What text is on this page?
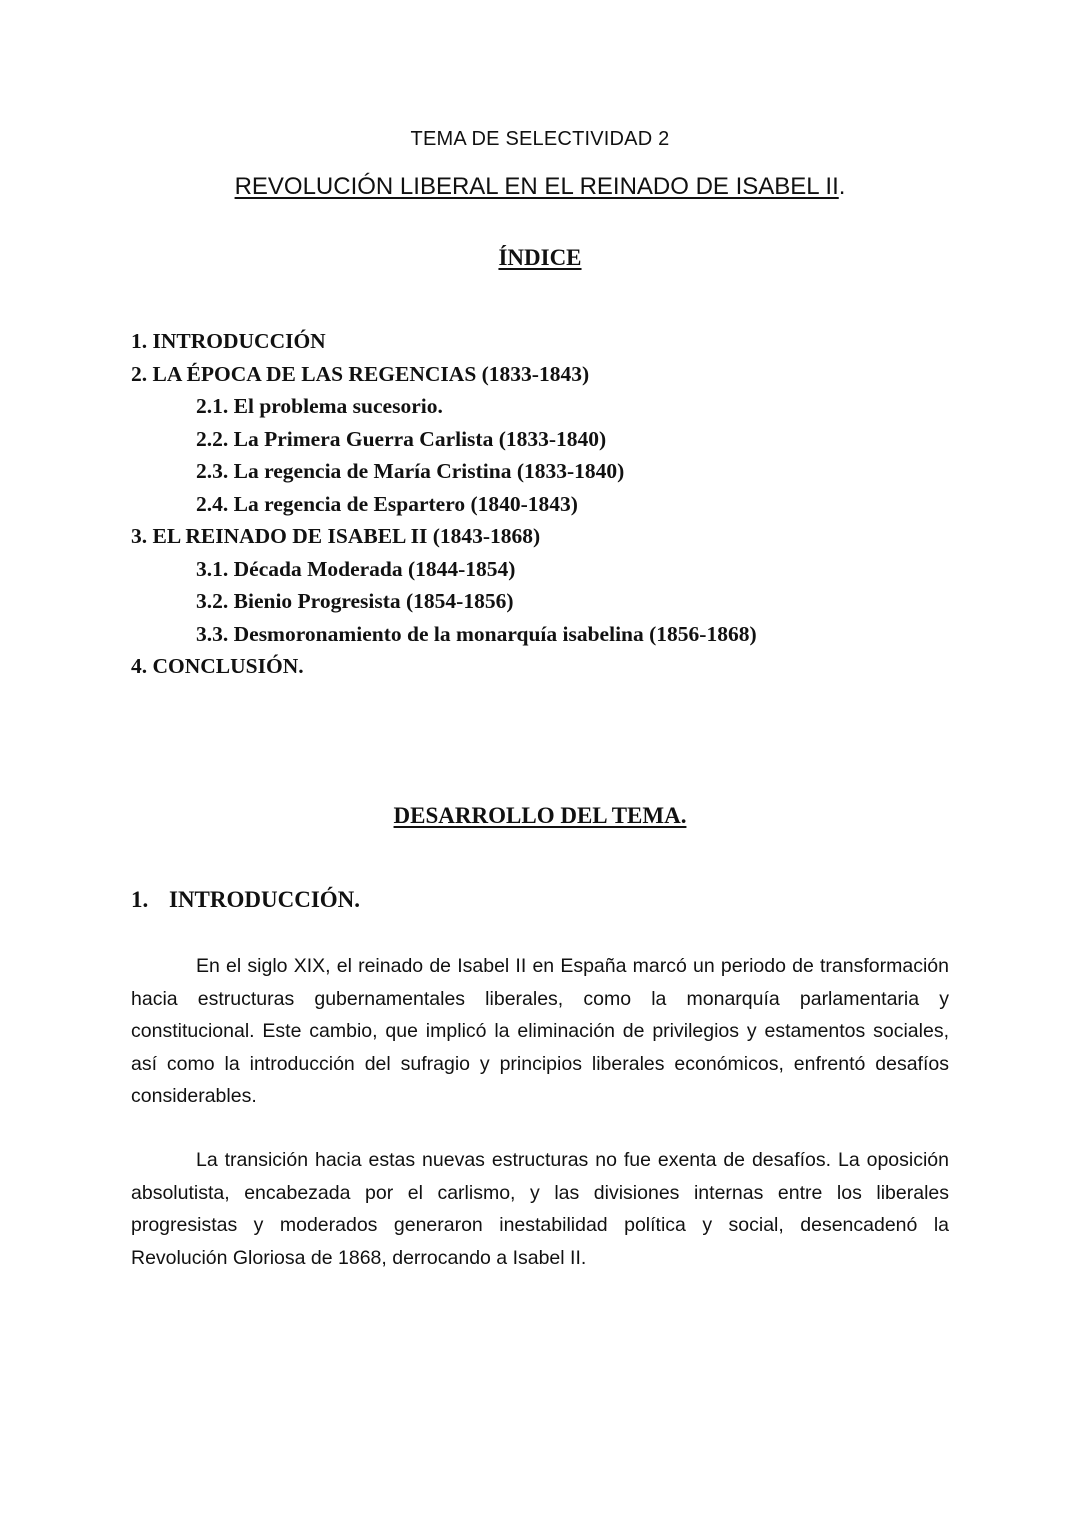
TEMA DE SELECTIVIDAD 2
REVOLUCIÓN LIBERAL EN EL REINADO DE ISABEL II.
ÍNDICE
1. INTRODUCCIÓN
2. LA ÉPOCA DE LAS REGENCIAS (1833-1843)
2.1. El problema sucesorio.
2.2. La Primera Guerra Carlista (1833-1840)
2.3. La regencia de María Cristina (1833-1840)
2.4. La regencia de Espartero (1840-1843)
3. EL REINADO DE ISABEL II (1843-1868)
3.1. Década Moderada (1844-1854)
3.2. Bienio Progresista (1854-1856)
3.3. Desmoronamiento de la monarquía isabelina (1856-1868)
4. CONCLUSIÓN.
DESARROLLO DEL TEMA.
1. INTRODUCCIÓN.

En el siglo XIX, el reinado de Isabel II en España marcó un periodo de transformación hacia estructuras gubernamentales liberales, como la monarquía parlamentaria y constitucional. Este cambio, que implicó la eliminación de privilegios y estamentos sociales, así como la introducción del sufragio y principios liberales económicos, enfrentó desafíos considerables.

La transición hacia estas nuevas estructuras no fue exenta de desafíos. La oposición absolutista, encabezada por el carlismo, y las divisiones internas entre los liberales progresistas y moderados generaron inestabilidad política y social, desencadenó la Revolución Gloriosa de 1868, derrocando a Isabel II.
